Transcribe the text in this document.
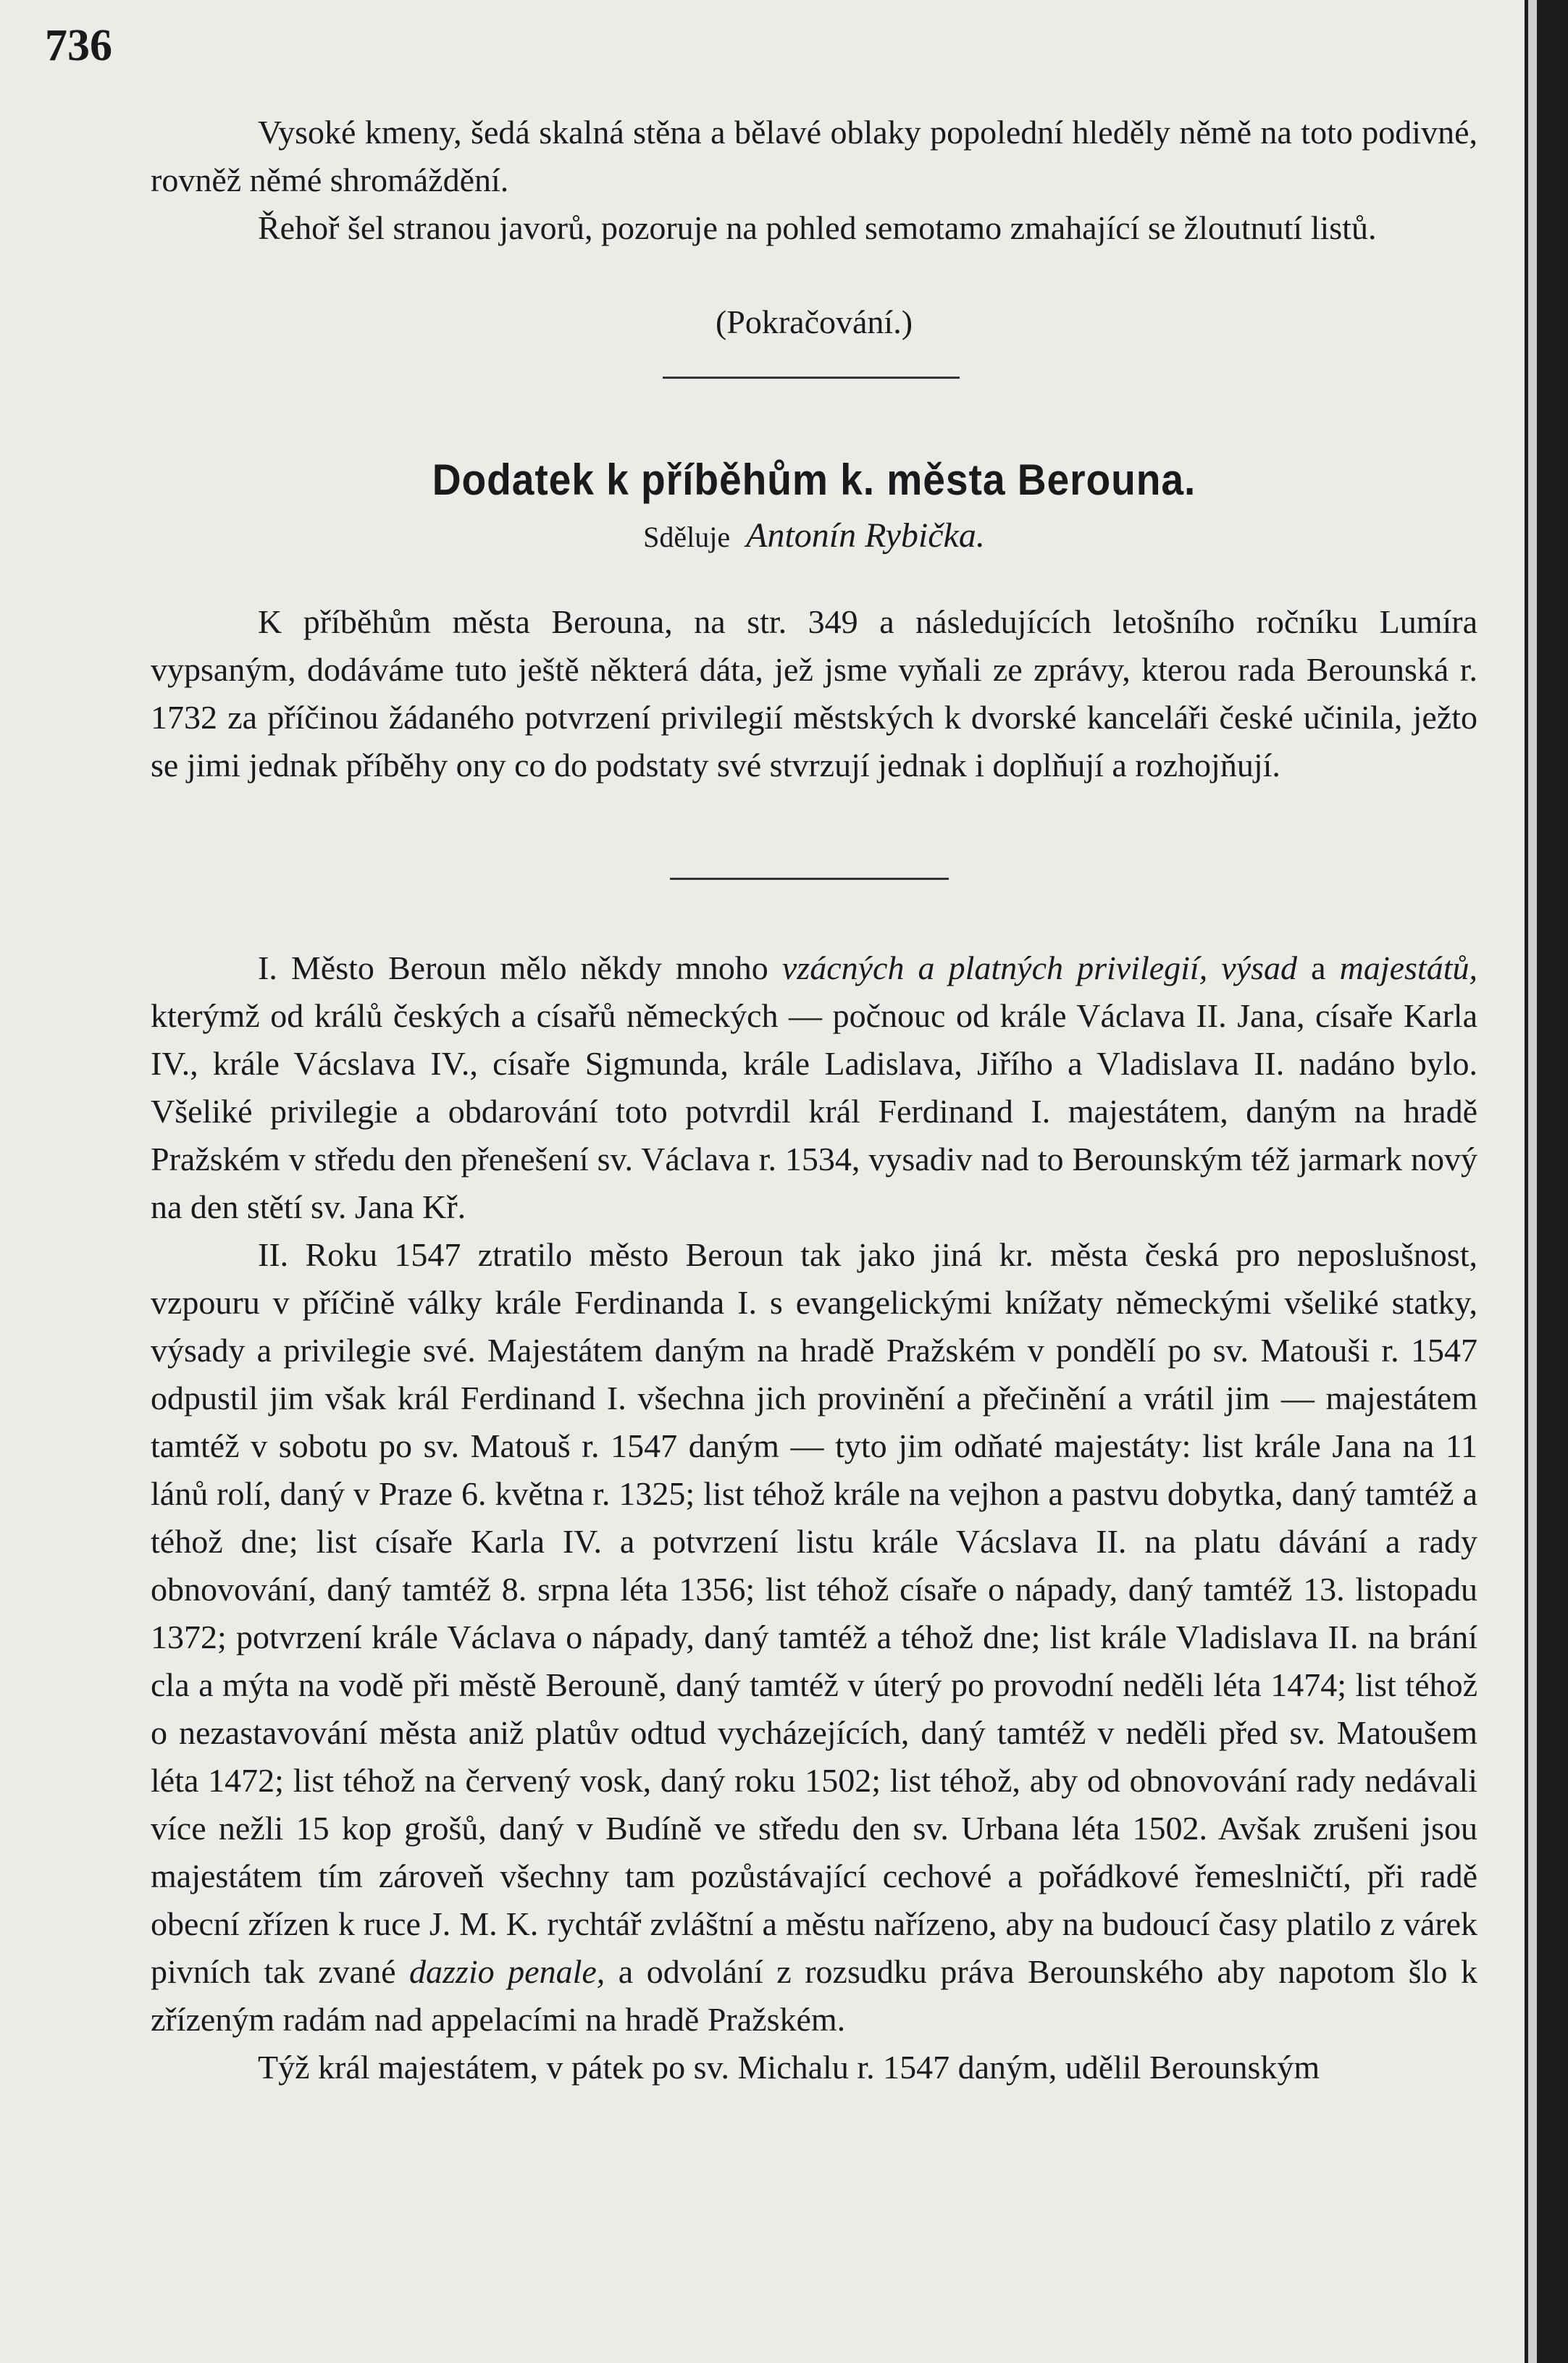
736

Vysoké kmeny, šedá skalná stěna a bělavé oblaky popolední hleděly němě na toto podivné, rovněž němé shromáždění.

Řehoř šel stranou javorů, pozoruje na pohled semotamo zmahající se žloutnutí listů.

(Pokračování.)
Dodatek k příběhům k. města Berouna.
Sděluje Antonín Rybička.

K příběhům města Berouna, na str. 349 a následujících letošního ročníku Lumíra vypsaným, dodáváme tuto ještě některá dáta, jež jsme vyňali ze zprávy, kterou rada Berounská r. 1732 za příčinou žádaného potvrzení privilegií městských k dvorské kanceláři české učinila, ježto se jimi jednak příběhy ony co do podstaty své stvrzují jednak i doplňují a rozhojňují.

I. Město Beroun mělo někdy mnoho vzácných a platných privilegií, výsad a majestátů, kterýmž od králů českých a císařů německých — počnouc od krále Václava II. Jana, císaře Karla IV., krále Vácslava IV., císaře Sigmunda, krále Ladislava, Jiřího a Vladislava II. nadáno bylo. Všeliké privilegie a obdarování toto potvrdil král Ferdinand I. majestátem, daným na hradě Pražském v středu den přenešení sv. Václava r. 1534, vysadiv nad to Berounským též jarmark nový na den stětí sv. Jana Kř.

II. Roku 1547 ztratilo město Beroun tak jako jiná kr. města česká pro neposlušnost, vzpouru v příčině války krále Ferdinanda I. s evangelickými knížaty německými všeliké statky, výsady a privilegie své. Majestátem daným na hradě Pražském v pondělí po sv. Matouši r. 1547 odpustil jim však král Ferdinand I. všechna jich provinění a přečinění a vrátil jim — majestátem tamtéž v sobotu po sv. Matouš r. 1547 daným — tyto jim odňaté majestáty: list krále Jana na 11 lánů rolí, daný v Praze 6. května r. 1325; list téhož krále na vejhon a pastvu dobytka, daný tamtéž a téhož dne; list císaře Karla IV. a potvrzení listu krále Vácslava II. na platu dávání a rady obnovování, daný tamtéž 8. srpna léta 1356; list téhož císaře o nápady, daný tamtéž 13. listopadu 1372; potvrzení krále Václava o nápady, daný tamtéž a téhož dne; list krále Vladislava II. na brání cla a mýta na vodě při městě Berouně, daný tamtéž v úterý po provodní neděli léta 1474; list téhož o nezastavování města aniž platův odtud vycházejících, daný tamtéž v neděli před sv. Matoušem léta 1472; list téhož na červený vosk, daný roku 1502; list téhož, aby od obnovování rady nedávali více nežli 15 kop grošů, daný v Budíně ve středu den sv. Urbana léta 1502. Avšak zrušeni jsou majestátem tím zároveň všechny tam pozůstávající cechové a pořádkové řemeslničtí, při radě obecní zřízen k ruce J. M. K. rychtář zvláštní a městu nařízeno, aby na budoucí časy platilo z várek pivních tak zvané dazzio penale, a odvolání z rozsudku práva Berounského aby napotom šlo k zřízeným radám nad appelacími na hradě Pražském.

Týž král majestátem, v pátek po sv. Michalu r. 1547 daným, udělil Berounským
